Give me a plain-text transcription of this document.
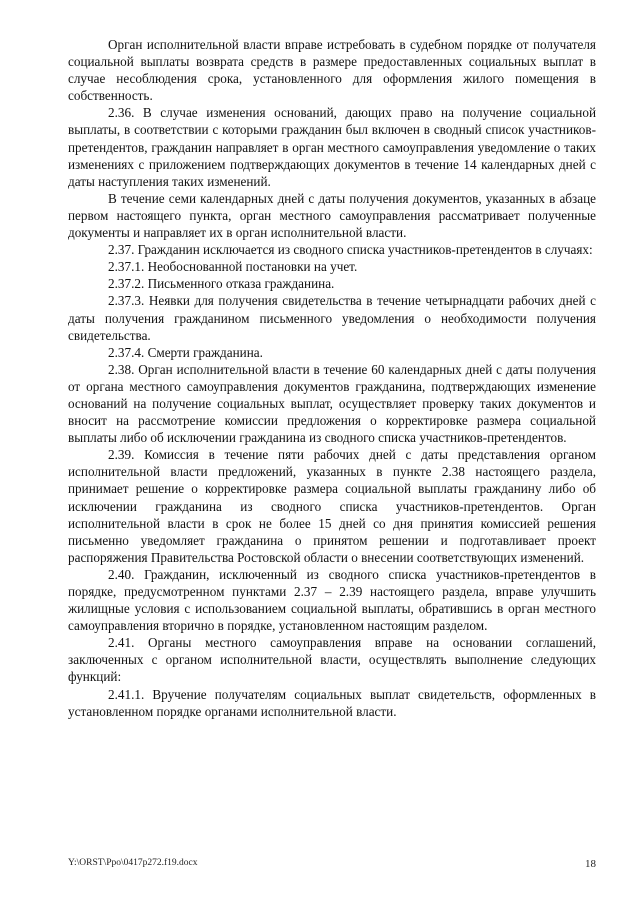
Орган исполнительной власти вправе истребовать в судебном порядке от получателя социальной выплаты возврата средств в размере предоставленных социальных выплат в случае несоблюдения срока, установленного для оформления жилого помещения в собственность.

2.36. В случае изменения оснований, дающих право на получение социальной выплаты, в соответствии с которыми гражданин был включен в сводный список участников-претендентов, гражданин направляет в орган местного самоуправления уведомление о таких изменениях с приложением подтверждающих документов в течение 14 календарных дней с даты наступления таких изменений.

В течение семи календарных дней с даты получения документов, указанных в абзаце первом настоящего пункта, орган местного самоуправления рассматривает полученные документы и направляет их в орган исполнительной власти.

2.37. Гражданин исключается из сводного списка участников-претендентов в случаях:

2.37.1. Необоснованной постановки на учет.

2.37.2. Письменного отказа гражданина.

2.37.3. Неявки для получения свидетельства в течение четырнадцати рабочих дней с даты получения гражданином письменного уведомления о необходимости получения свидетельства.

2.37.4. Смерти гражданина.

2.38. Орган исполнительной власти в течение 60 календарных дней с даты получения от органа местного самоуправления документов гражданина, подтверждающих изменение оснований на получение социальных выплат, осуществляет проверку таких документов и вносит на рассмотрение комиссии предложения о корректировке размера социальной выплаты либо об исключении гражданина из сводного списка участников-претендентов.

2.39. Комиссия в течение пяти рабочих дней с даты представления органом исполнительной власти предложений, указанных в пункте 2.38 настоящего раздела, принимает решение о корректировке размера социальной выплаты гражданину либо об исключении гражданина из сводного списка участников-претендентов. Орган исполнительной власти в срок не более 15 дней со дня принятия комиссией решения письменно уведомляет гражданина о принятом решении и подготавливает проект распоряжения Правительства Ростовской области о внесении соответствующих изменений.

2.40. Гражданин, исключенный из сводного списка участников-претендентов в порядке, предусмотренном пунктами 2.37 – 2.39 настоящего раздела, вправе улучшить жилищные условия с использованием социальной выплаты, обратившись в орган местного самоуправления вторично в порядке, установленном настоящим разделом.

2.41. Органы местного самоуправления вправе на основании соглашений, заключенных с органом исполнительной власти, осуществлять выполнение следующих функций:

2.41.1. Вручение получателям социальных выплат свидетельств, оформленных в установленном порядке органами исполнительной власти.

Y:\ORST\Ppo\0417p272.f19.docx	18
